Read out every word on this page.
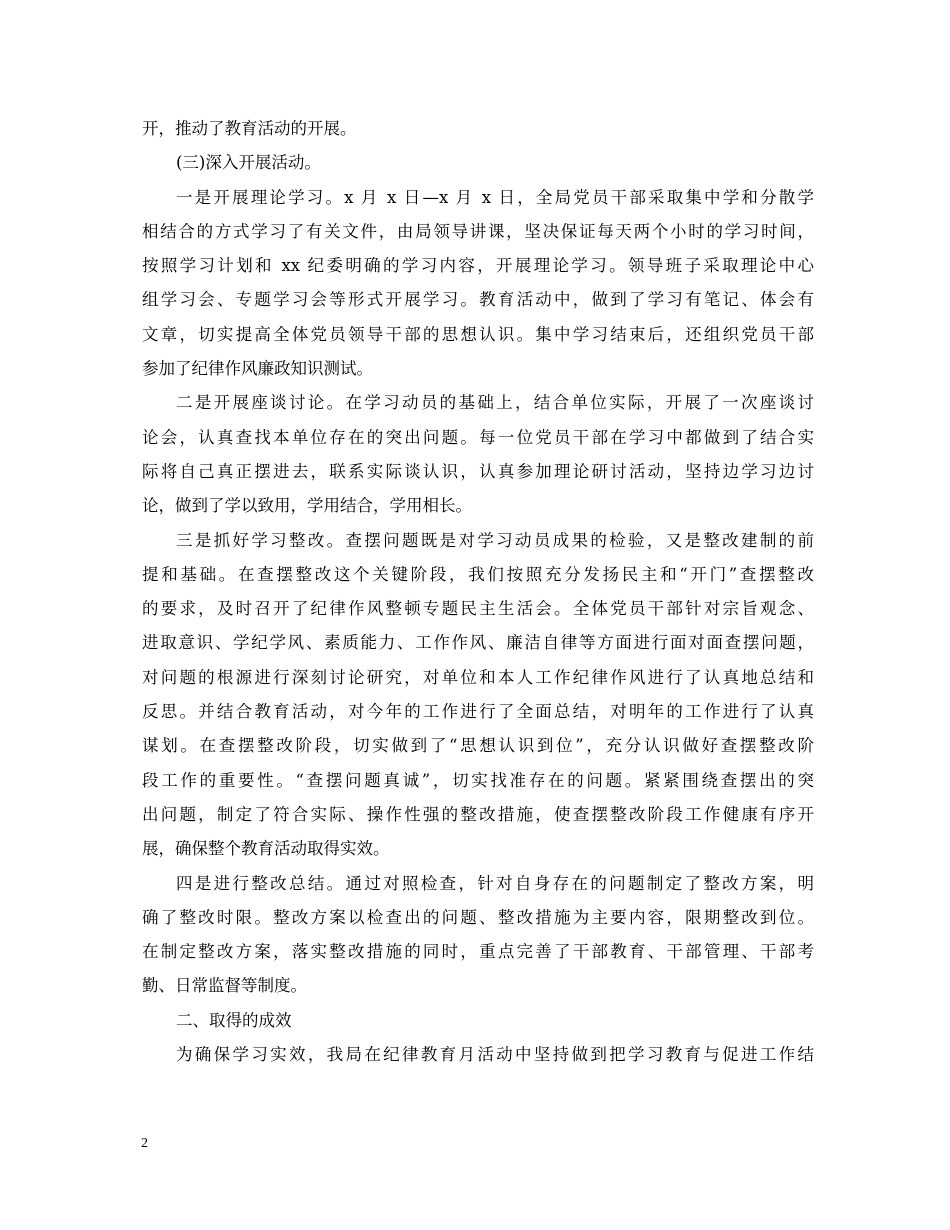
开，推动了教育活动的开展。
(三)深入开展活动。
一是开展理论学习。x 月 x 日—x 月 x 日，全局党员干部采取集中学和分散学
相结合的方式学习了有关文件，由局领导讲课，坚决保证每天两个小时的学习时间，
按照学习计划和 xx 纪委明确的学习内容，开展理论学习。领导班子采取理论中心
组学习会、专题学习会等形式开展学习。教育活动中，做到了学习有笔记、体会有
文章，切实提高全体党员领导干部的思想认识。集中学习结束后，还组织党员干部
参加了纪律作风廉政知识测试。
二是开展座谈讨论。在学习动员的基础上，结合单位实际，开展了一次座谈讨
论会，认真查找本单位存在的突出问题。每一位党员干部在学习中都做到了结合实
际将自己真正摆进去，联系实际谈认识，认真参加理论研讨活动，坚持边学习边讨
论，做到了学以致用，学用结合，学用相长。
三是抓好学习整改。查摆问题既是对学习动员成果的检验，又是整改建制的前
提和基础。在查摆整改这个关键阶段，我们按照充分发扬民主和“开门”查摆整改
的要求，及时召开了纪律作风整顿专题民主生活会。全体党员干部针对宗旨观念、
进取意识、学纪学风、素质能力、工作作风、廉洁自律等方面进行面对面查摆问题，
对问题的根源进行深刻讨论研究，对单位和本人工作纪律作风进行了认真地总结和
反思。并结合教育活动，对今年的工作进行了全面总结，对明年的工作进行了认真
谋划。在查摆整改阶段，切实做到了“思想认识到位”，充分认识做好查摆整改阶
段工作的重要性。“查摆问题真诚”，切实找准存在的问题。紧紧围绕查摆出的突
出问题，制定了符合实际、操作性强的整改措施，使查摆整改阶段工作健康有序开
展，确保整个教育活动取得实效。
四是进行整改总结。通过对照检查，针对自身存在的问题制定了整改方案，明
确了整改时限。整改方案以检查出的问题、整改措施为主要内容，限期整改到位。
在制定整改方案，落实整改措施的同时，重点完善了干部教育、干部管理、干部考
勤、日常监督等制度。
二、取得的成效
为确保学习实效，我局在纪律教育月活动中坚持做到把学习教育与促进工作结
2
